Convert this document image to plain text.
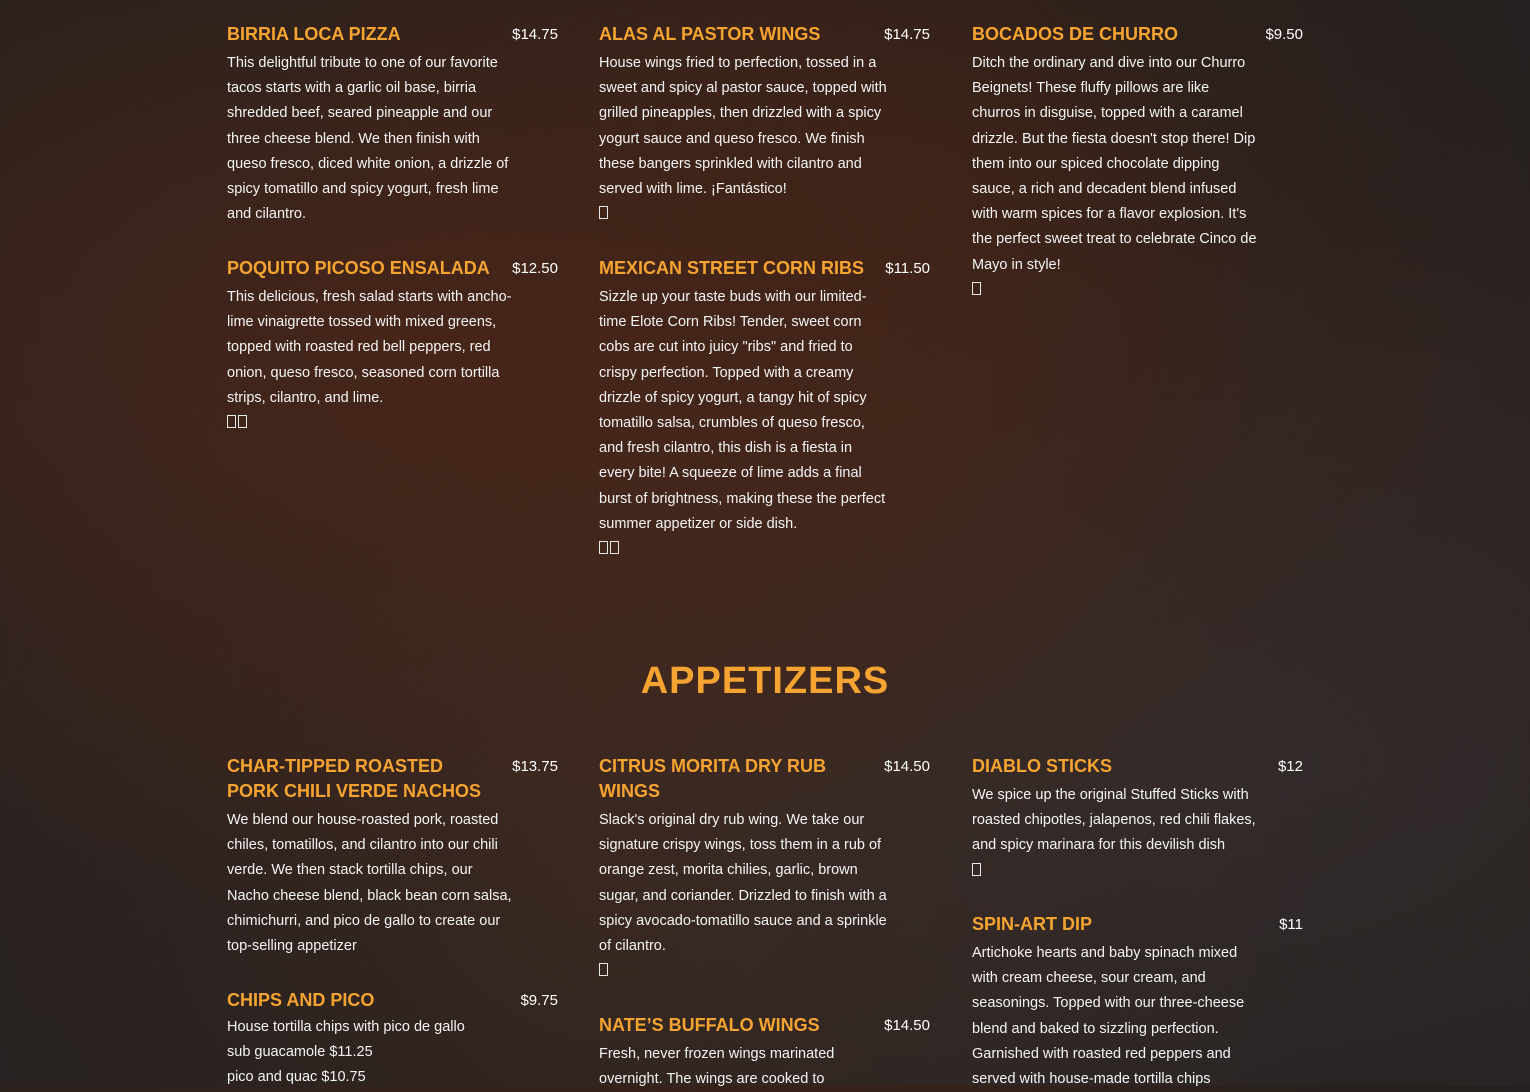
BIRRIA LOCA PIZZA	$14.75
This delightful tribute to one of our favorite tacos starts with a garlic oil base, birria shredded beef, seared pineapple and our three cheese blend. We then finish with queso fresco, diced white onion, a drizzle of spicy tomatillo and spicy yogurt, fresh lime and cilantro.
ALAS AL PASTOR WINGS	$14.75
House wings fried to perfection, tossed in a sweet and spicy al pastor sauce, topped with grilled pineapples, then drizzled with a spicy yogurt sauce and queso fresco. We finish these bangers sprinkled with cilantro and served with lime. ¡Fantástico!
BOCADOS DE CHURRO	$9.50
Ditch the ordinary and dive into our Churro Beignets! These fluffy pillows are like churros in disguise, topped with a caramel drizzle. But the fiesta doesn't stop there! Dip them into our spiced chocolate dipping sauce, a rich and decadent blend infused with warm spices for a flavor explosion. It's the perfect sweet treat to celebrate Cinco de Mayo in style!
POQUITO PICOSO ENSALADA	$12.50
This delicious, fresh salad starts with ancho-lime vinaigrette tossed with mixed greens, topped with roasted red bell peppers, red onion, queso fresco, seasoned corn tortilla strips, cilantro, and lime.
MEXICAN STREET CORN RIBS	$11.50
Sizzle up your taste buds with our limited-time Elote Corn Ribs! Tender, sweet corn cobs are cut into juicy "ribs" and fried to crispy perfection. Topped with a creamy drizzle of spicy yogurt, a tangy hit of spicy tomatillo salsa, crumbles of queso fresco, and fresh cilantro, this dish is a fiesta in every bite! A squeeze of lime adds a final burst of brightness, making these the perfect summer appetizer or side dish.
APPETIZERS
CHAR-TIPPED ROASTED PORK CHILI VERDE NACHOS
$13.75
We blend our house-roasted pork, roasted chiles, tomatillos, and cilantro into our chili verde. We then stack tortilla chips, our Nacho cheese blend, black bean corn salsa, chimichurri, and pico de gallo to create our top-selling appetizer
CITRUS MORITA DRY RUB WINGS
$14.50
Slack's original dry rub wing. We take our signature crispy wings, toss them in a rub of orange zest, morita chilies, garlic, brown sugar, and coriander. Drizzled to finish with a spicy avocado-tomatillo sauce and a sprinkle of cilantro.
DIABLO STICKS	$12
We spice up the original Stuffed Sticks with roasted chipotles, jalapenos, red chili flakes, and spicy marinara for this devilish dish
CHIPS AND PICO	$9.75
House tortilla chips with pico de gallo
sub guacamole $11.25
pico and quac $10.75
NATE’S BUFFALO WINGS	$14.50
Fresh, never frozen wings marinated overnight. The wings are cooked to
SPIN-ART DIP	$11
Artichoke hearts and baby spinach mixed with cream cheese, sour cream, and seasonings. Topped with our three-cheese blend and baked to sizzling perfection. Garnished with roasted red peppers and served with house-made tortilla chips
